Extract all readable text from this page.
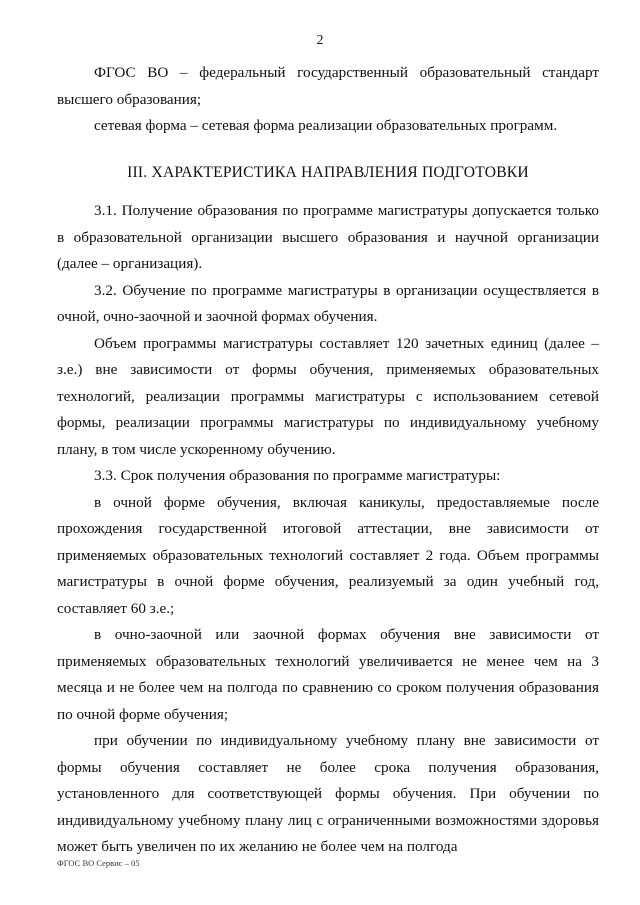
2

ФГОС ВО – федеральный государственный образовательный стандарт высшего образования;

сетевая форма – сетевая форма реализации образовательных программ.

III. ХАРАКТЕРИСТИКА НАПРАВЛЕНИЯ ПОДГОТОВКИ

3.1. Получение образования по программе магистратуры допускается только в образовательной организации высшего образования и научной организации (далее – организация).

3.2. Обучение по программе магистратуры в организации осуществляется в очной, очно-заочной и заочной формах обучения.

Объем программы магистратуры составляет 120 зачетных единиц (далее – з.е.) вне зависимости от формы обучения, применяемых образовательных технологий, реализации программы магистратуры с использованием сетевой формы, реализации программы магистратуры по индивидуальному учебному плану, в том числе ускоренному обучению.

3.3. Срок получения образования по программе магистратуры:

в очной форме обучения, включая каникулы, предоставляемые после прохождения государственной итоговой аттестации, вне зависимости от применяемых образовательных технологий составляет 2 года. Объем программы магистратуры в очной форме обучения, реализуемый за один учебный год, составляет 60 з.е.;

в очно-заочной или заочной формах обучения вне зависимости от применяемых образовательных технологий увеличивается не менее чем на 3 месяца и не более чем на полгода по сравнению со сроком получения образования по очной форме обучения;

при обучении по индивидуальному учебному плану вне зависимости от формы обучения составляет не более срока получения образования, установленного для соответствующей формы обучения. При обучении по индивидуальному учебному плану лиц с ограниченными возможностями здоровья может быть увеличен по их желанию не более чем на полгода

ФГОС ВО Сервис – 05
